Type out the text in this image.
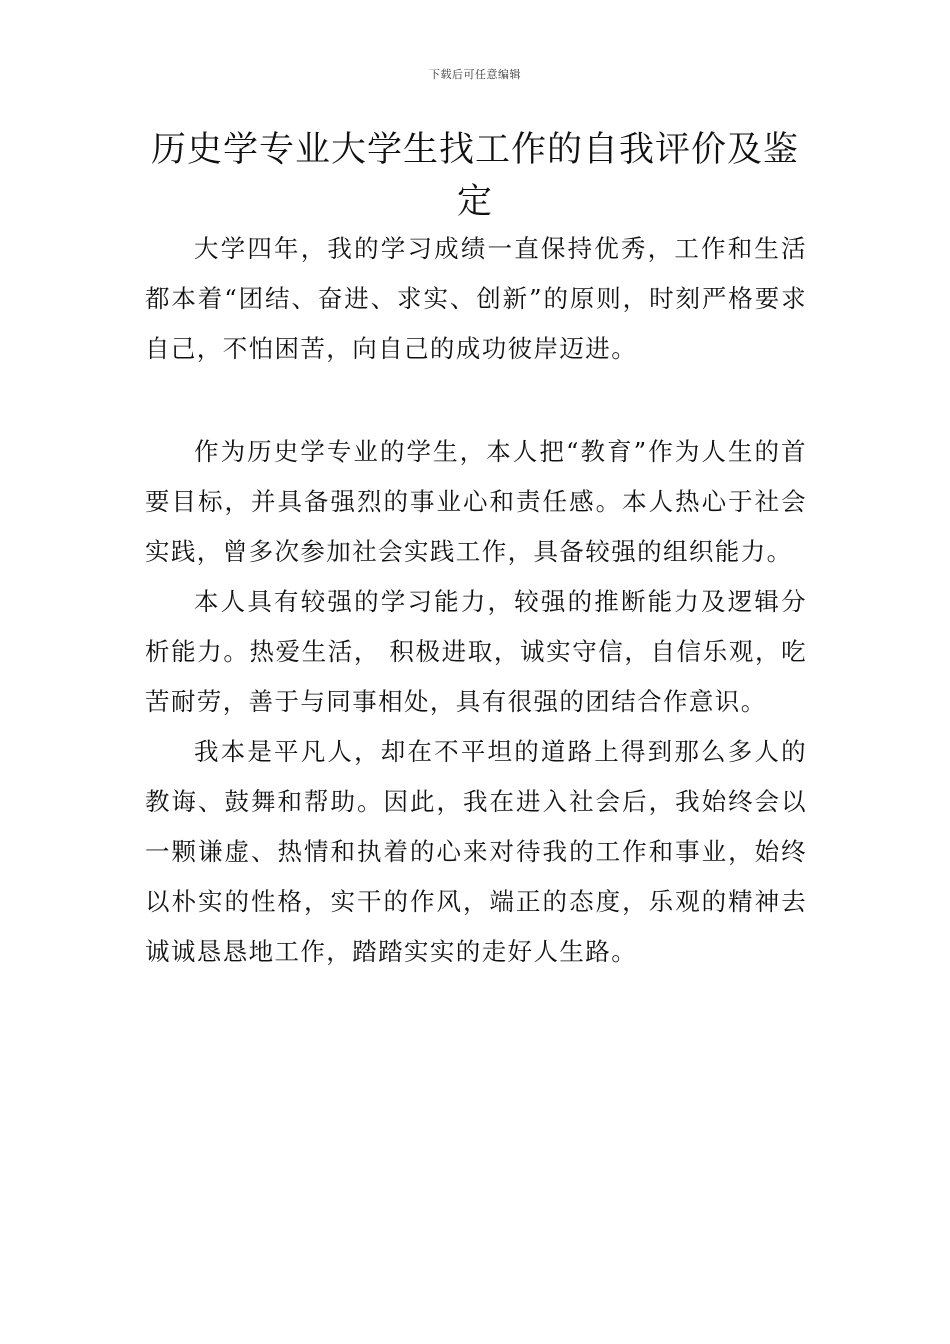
下载后可任意编辑
历史学专业大学生找工作的自我评价及鉴定

大学四年，我的学习成绩一直保持优秀，工作和生活都本着“团结、奋进、求实、创新”的原则，时刻严格要求自己，不怕困苦，向自己的成功彼岸迈进。

作为历史学专业的学生，本人把“教育”作为人生的首要目标，并具备强烈的事业心和责任感。本人热心于社会实践，曾多次参加社会实践工作，具备较强的组织能力。

本人具有较强的学习能力，较强的推断能力及逻辑分析能力。热爱生活， 积极进取，诚实守信，自信乐观，吃苦耐劳，善于与同事相处，具有很强的团结合作意识。

我本是平凡人，却在不平坦的道路上得到那么多人的教诲、鼓舞和帮助。因此，我在进入社会后，我始终会以一颗谦虚、热情和执着的心来对待我的工作和事业，始终以朴实的性格，实干的作风，端正的态度，乐观的精神去诚诚恳恳地工作，踏踏实实的走好人生路。
